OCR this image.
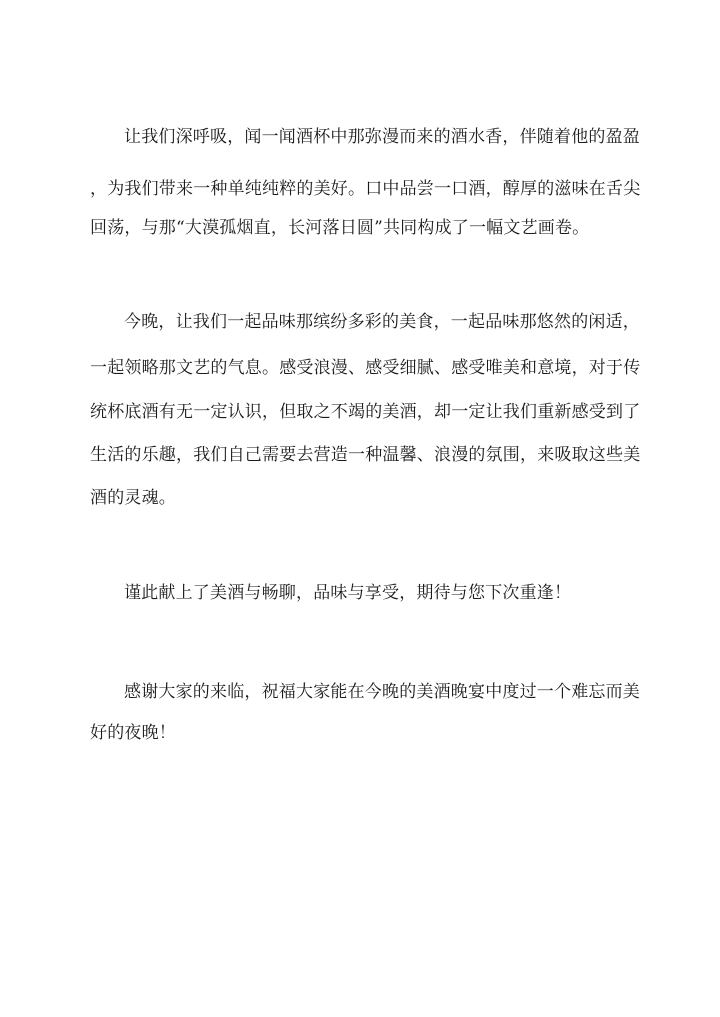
让我们深呼吸，闻一闻酒杯中那弥漫而来的酒水香，伴随着他的盈盈
，为我们带来一种单纯纯粹的美好。口中品尝一口酒，醇厚的滋味在舌尖
回荡，与那“大漠孤烟直，长河落日圆”共同构成了一幅文艺画卷。
今晚，让我们一起品味那缤纷多彩的美食，一起品味那悠然的闲适，
一起领略那文艺的气息。感受浪漫、感受细腻、感受唯美和意境，对于传
统杯底酒有无一定认识，但取之不竭的美酒，却一定让我们重新感受到了
生活的乐趣，我们自己需要去营造一种温馨、浪漫的氛围，来吸取这些美
酒的灵魂。
谨此献上了美酒与畅聊，品味与享受，期待与您下次重逢！
感谢大家的来临，祝福大家能在今晚的美酒晚宴中度过一个难忘而美
好的夜晚！
